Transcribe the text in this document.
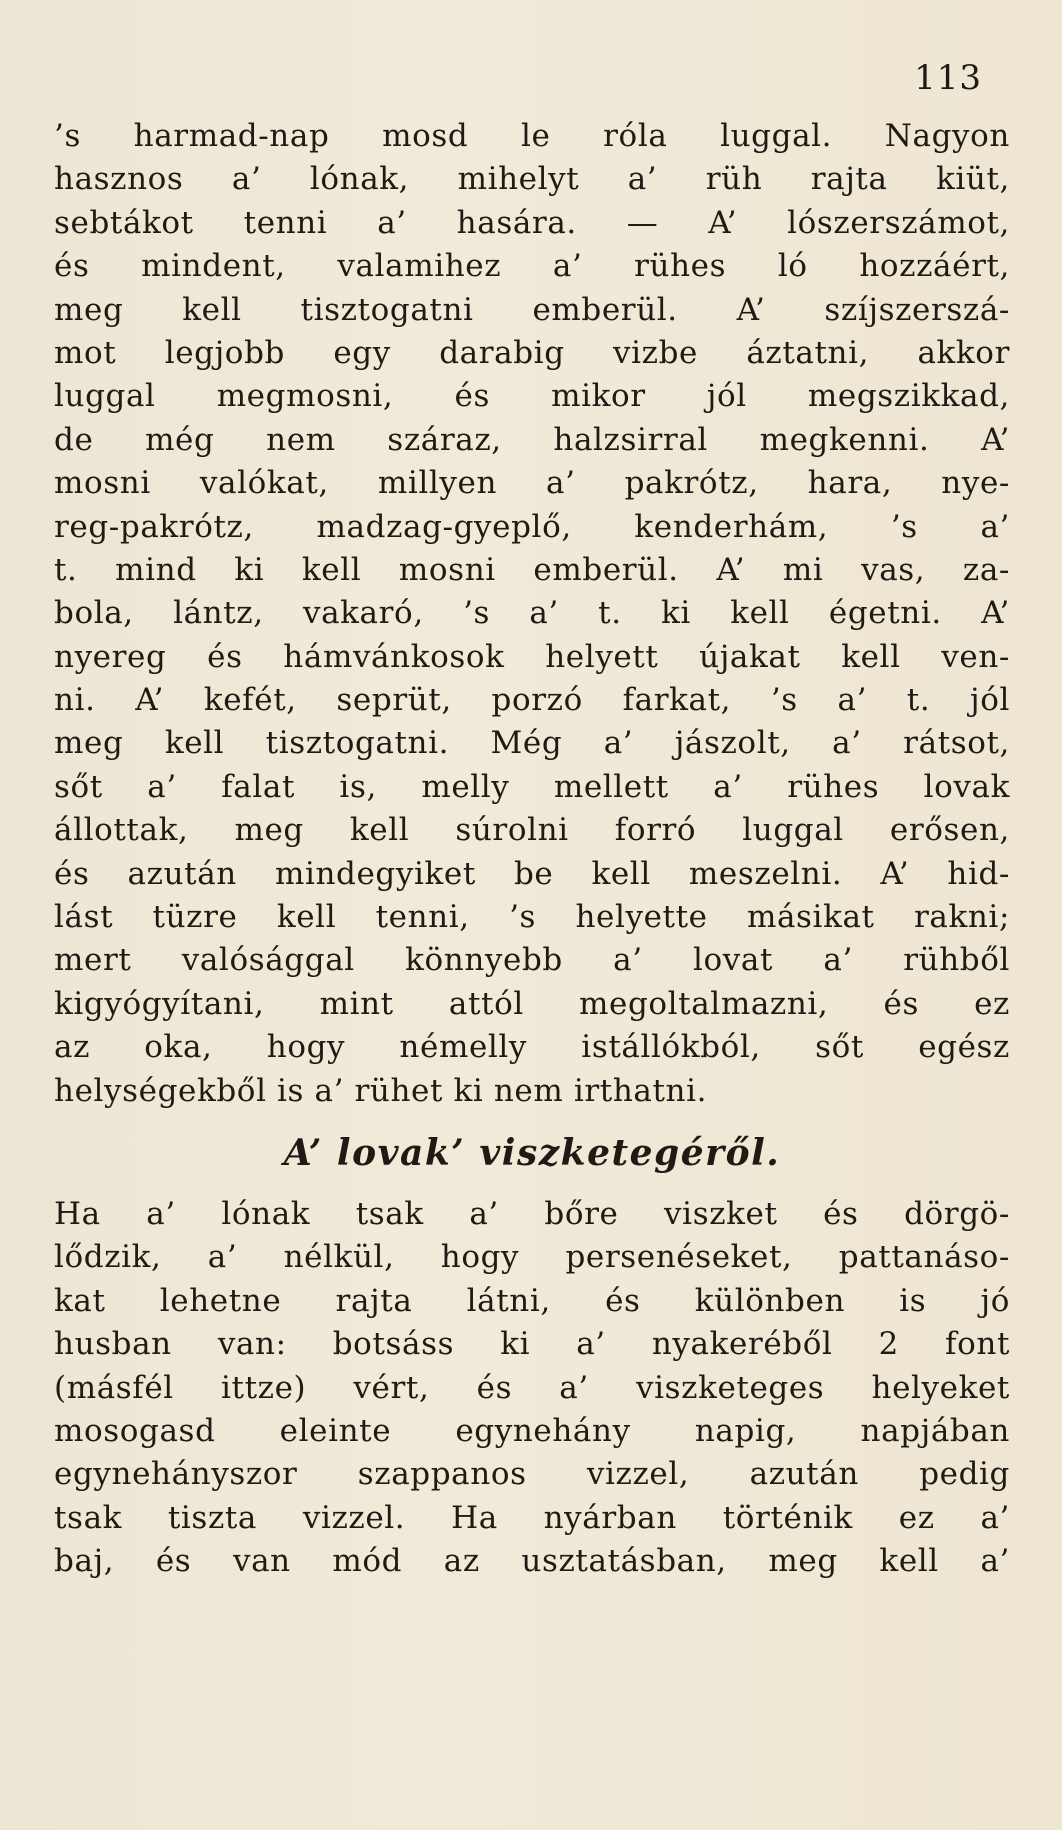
113
’s harmad-nap mosd le róla luggal. Nagyon
hasznos a’ lónak, mihelyt a’ rüh rajta kiüt,
sebtákot tenni a’ hasára. — A’ lószerszámot,
és mindent, valamihez a’ rühes ló hozzáért,
meg kell tisztogatni emberül. A’ szíjszerszá-
mot legjobb egy darabig vizbe áztatni, akkor
luggal megmosni, és mikor jól megszikkad,
de még nem száraz, halzsirral megkenni. A’
mosni valókat, millyen a’ pakrótz, hara, nye-
reg-pakrótz, madzag-gyeplő, kenderhám, ’s a’
t. mind ki kell mosni emberül. A’ mi vas, za-
bola, lántz, vakaró, ’s a’ t. ki kell égetni. A’
nyereg és hámvánkosok helyett újakat kell ven-
ni. A’ kefét, seprüt, porzó farkat, ’s a’ t. jól
meg kell tisztogatni. Még a’ jászolt, a’ rátsot,
sőt a’ falat is, melly mellett a’ rühes lovak
állottak, meg kell súrolni forró luggal erősen,
és azután mindegyiket be kell meszelni. A’ hid-
lást tüzre kell tenni, ’s helyette másikat rakni;
mert valósággal könnyebb a’ lovat a’ rühből
kigyógyítani, mint attól megoltalmazni, és ez
az oka, hogy némelly istállókból, sőt egész
helységekből is a’ rühet ki nem irthatni.
A’ lovak’ viszketegéről.
Ha a’ lónak tsak a’ bőre viszket és dörgö-
lődzik, a’ nélkül, hogy persenéseket, pattanáso-
kat lehetne rajta látni, és különben is jó
husban van: botsáss ki a’ nyakeréből 2 font
(másfél ittze) vért, és a’ viszketeges helyeket
mosogasd eleinte egynehány napig, napjában
egynehányszor szappanos vizzel, azután pedig
tsak tiszta vizzel. Ha nyárban történik ez a’
baj, és van mód az usztatásban, meg kell a’
